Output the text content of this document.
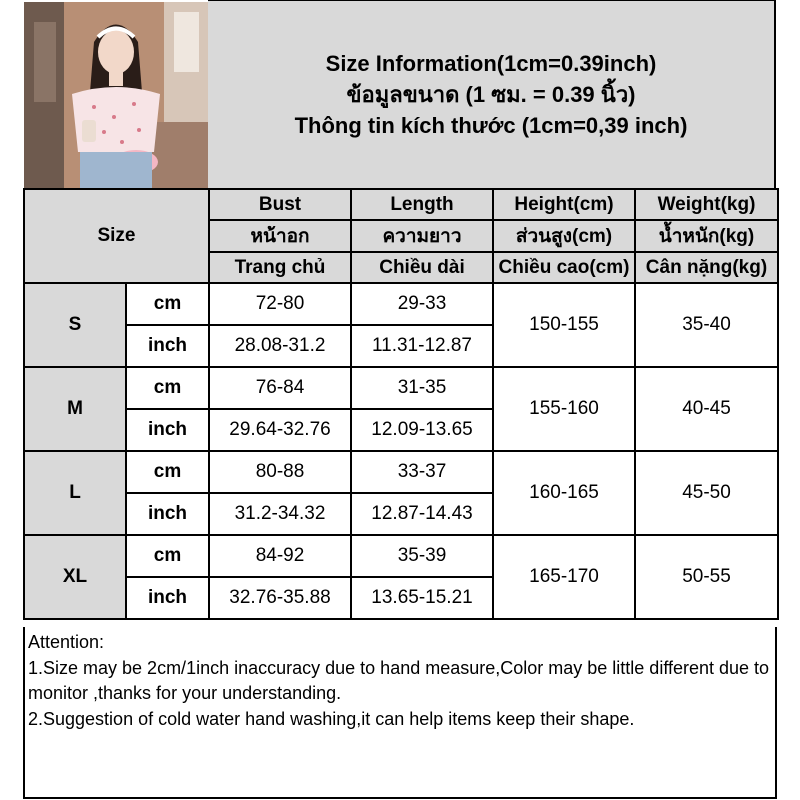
Size Information(1cm=0.39inch)
ข้อมูลขนาด (1 ซม. = 0.39 นิ้ว)
Thông tin kích thước (1cm=0,39 inch)
Size		Bust	Length	Height(cm)	Weight(kg)
		หน้าอก	ความยาว	ส่วนสูง(cm)	น้ำหนัก(kg)
		Trang chủ	Chiều dài	Chiều cao(cm)	Cân nặng(kg)
S	cm	72-80	29-33	150-155	35-40
	inch	28.08-31.2	11.31-12.87		
M	cm	76-84	31-35	155-160	40-45
	inch	29.64-32.76	12.09-13.65		
L	cm	80-88	33-37	160-165	45-50
	inch	31.2-34.32	12.87-14.43		
XL	cm	84-92	35-39	165-170	50-55
	inch	32.76-35.88	13.65-15.21		

Attention:

1.Size may be 2cm/1inch inaccuracy due to hand measure,Color may be little different due to monitor ,thanks for your understanding.

2.Suggestion of cold water hand washing,it can help items keep their shape.
